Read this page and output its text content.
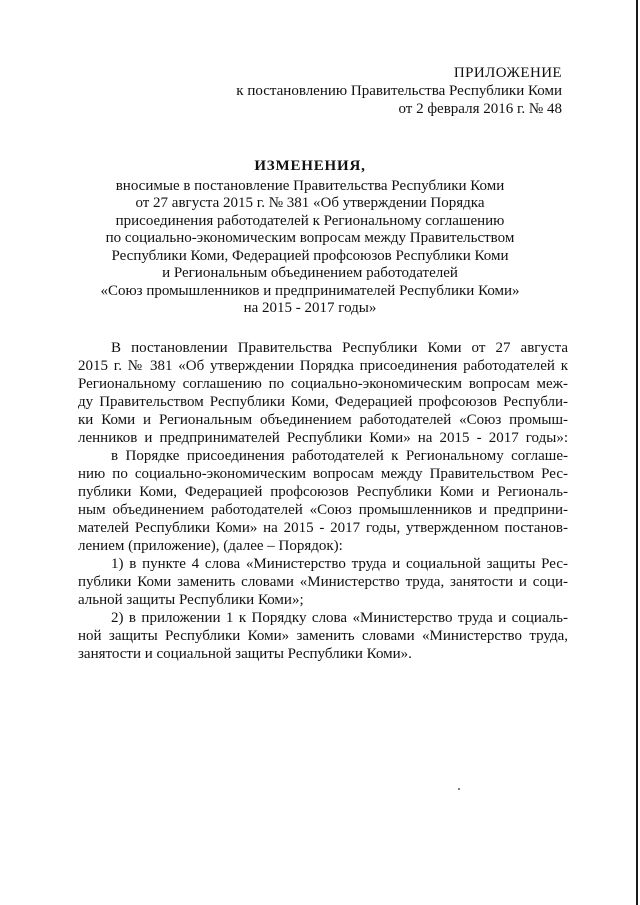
ПРИЛОЖЕНИЕ
к постановлению Правительства Республики Коми
от 2 февраля 2016 г. № 48
ИЗМЕНЕНИЯ,
вносимые в постановление Правительства Республики Коми
от 27 августа 2015 г. № 381 «Об утверждении Порядка
присоединения работодателей к Региональному соглашению
по социально-экономическим вопросам между Правительством
Республики Коми, Федерацией профсоюзов Республики Коми
и Региональным объединением работодателей
«Союз промышленников и предпринимателей Республики Коми»
на 2015 - 2017 годы»
В постановлении Правительства Республики Коми от 27 августа
2015 г. № 381 «Об утверждении Порядка присоединения работодателей к
Региональному соглашению по социально-экономическим вопросам меж-
ду Правительством Республики Коми, Федерацией профсоюзов Республи-
ки Коми и Региональным объединением работодателей «Союз промыш-
ленников и предпринимателей Республики Коми» на 2015 - 2017 годы»:
в Порядке присоединения работодателей к Региональному соглаше-
нию по социально-экономическим вопросам между Правительством Рес-
публики Коми, Федерацией профсоюзов Республики Коми и Региональ-
ным объединением работодателей «Союз промышленников и предприни-
мателей Республики Коми» на 2015 - 2017 годы, утвержденном постанов-
лением (приложение), (далее – Порядок):
1) в пункте 4 слова «Министерство труда и социальной защиты Рес-
публики Коми заменить словами «Министерство труда, занятости и соци-
альной защиты Республики Коми»;
2) в приложении 1 к Порядку слова «Министерство труда и социаль-
ной защиты Республики Коми» заменить словами «Министерство труда,
занятости и социальной защиты Республики Коми».
